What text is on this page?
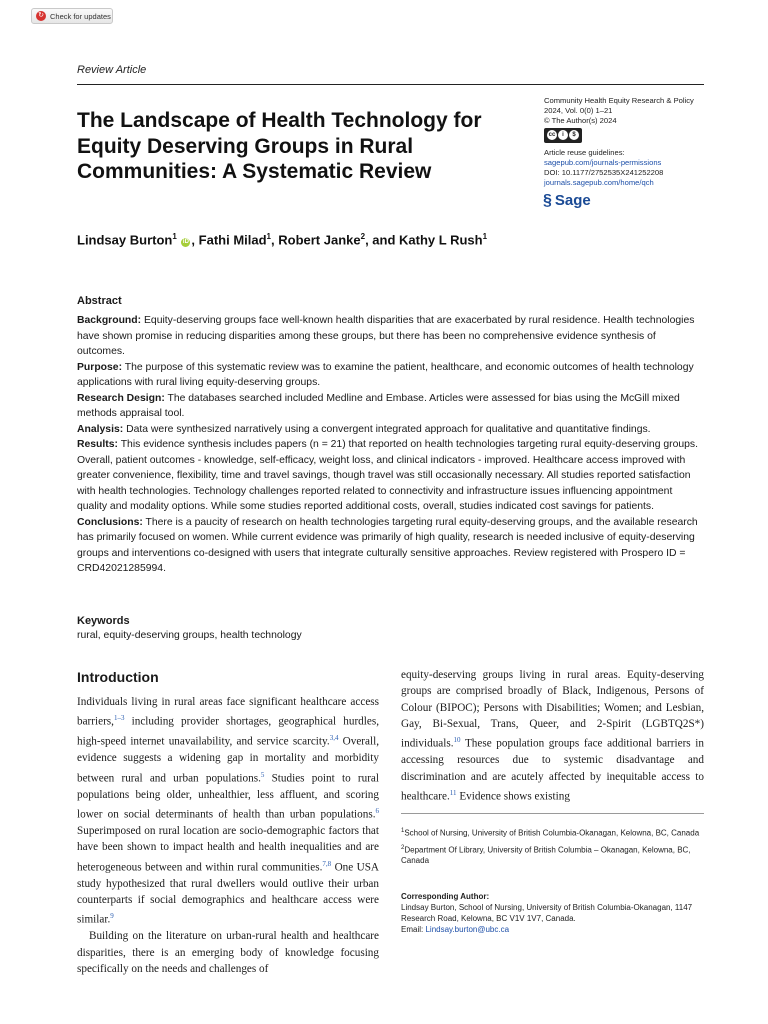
↻ Check for updates
Review Article
The Landscape of Health Technology for Equity Deserving Groups in Rural Communities: A Systematic Review
Community Health Equity Research & Policy
2024, Vol. 0(0) 1–21
© The Author(s) 2024
cc	i	$
Article reuse guidelines:
sagepub.com/journals-permissions
DOI: 10.1177/2752535X241252208
journals.sagepub.com/home/qch
§ Sage
Lindsay Burton$^1$ iD , Fathi Milad$^1$, Robert Janke$^2$, and Kathy L Rush$^1$
Abstract

Background: Equity-deserving groups face well-known health disparities that are exacerbated by rural residence. Health technologies have shown promise in reducing disparities among these groups, but there has been no comprehensive evidence synthesis of outcomes.

Purpose: The purpose of this systematic review was to examine the patient, healthcare, and economic outcomes of health technology applications with rural living equity-deserving groups.

Research Design: The databases searched included Medline and Embase. Articles were assessed for bias using the McGill mixed methods appraisal tool.

Analysis: Data were synthesized narratively using a convergent integrated approach for qualitative and quantitative findings.

Results: This evidence synthesis includes papers (n = 21) that reported on health technologies targeting rural equity-deserving groups. Overall, patient outcomes - knowledge, self-efficacy, weight loss, and clinical indicators - improved. Healthcare access improved with greater convenience, flexibility, time and travel savings, though travel was still occasionally necessary. All studies reported satisfaction with health technologies. Technology challenges reported related to connectivity and infrastructure issues influencing appointment quality and modality options. While some studies reported additional costs, overall, studies indicated cost savings for patients.

Conclusions: There is a paucity of research on health technologies targeting rural equity-deserving groups, and the available research has primarily focused on women. While current evidence was primarily of high quality, research is needed inclusive of equity-deserving groups and interventions co-designed with users that integrate culturally sensitive approaches. Review registered with Prospero ID = CRD42021285994.

Keywords
rural, equity-deserving groups, health technology
Introduction

Individuals living in rural areas face significant healthcare access barriers,$^{1-3}$ including provider shortages, geographical hurdles, high-speed internet unavailability, and service scarcity.$^{3,4}$ Overall, evidence suggests a widening gap in mortality and morbidity between rural and urban populations.$^5$ Studies point to rural populations being older, unhealthier, less affluent, and scoring lower on social determinants of health than urban populations.$^6$ Superimposed on rural location are socio-demographic factors that have been shown to impact health and health inequalities and are heterogeneous between and within rural communities.$^{7,8}$ One USA study hypothesized that rural dwellers would outlive their urban counterparts if social demographics and healthcare access were similar.$^9$

Building on the literature on urban-rural health and healthcare disparities, there is an emerging body of knowledge focusing specifically on the needs and challenges of

equity-deserving groups living in rural areas. Equity-deserving groups are comprised broadly of Black, Indigenous, Persons of Colour (BIPOC); Persons with Disabilities; Women; and Lesbian, Gay, Bi-Sexual, Trans, Queer, and 2-Spirit (LGBTQ2S*) individuals.$^{10}$ These population groups face additional barriers in accessing resources due to systemic disadvantage and discrimination and are acutely affected by inequitable access to healthcare.$^{11}$ Evidence shows existing

$^1$School of Nursing, University of British Columbia-Okanagan, Kelowna, BC, Canada

$^2$Department Of Library, University of British Columbia – Okanagan, Kelowna, BC, Canada

Corresponding Author:
Lindsay Burton, School of Nursing, University of British Columbia-Okanagan, 1147 Research Road, Kelowna, BC V1V 1V7, Canada.
Email: Lindsay.burton@ubc.ca
